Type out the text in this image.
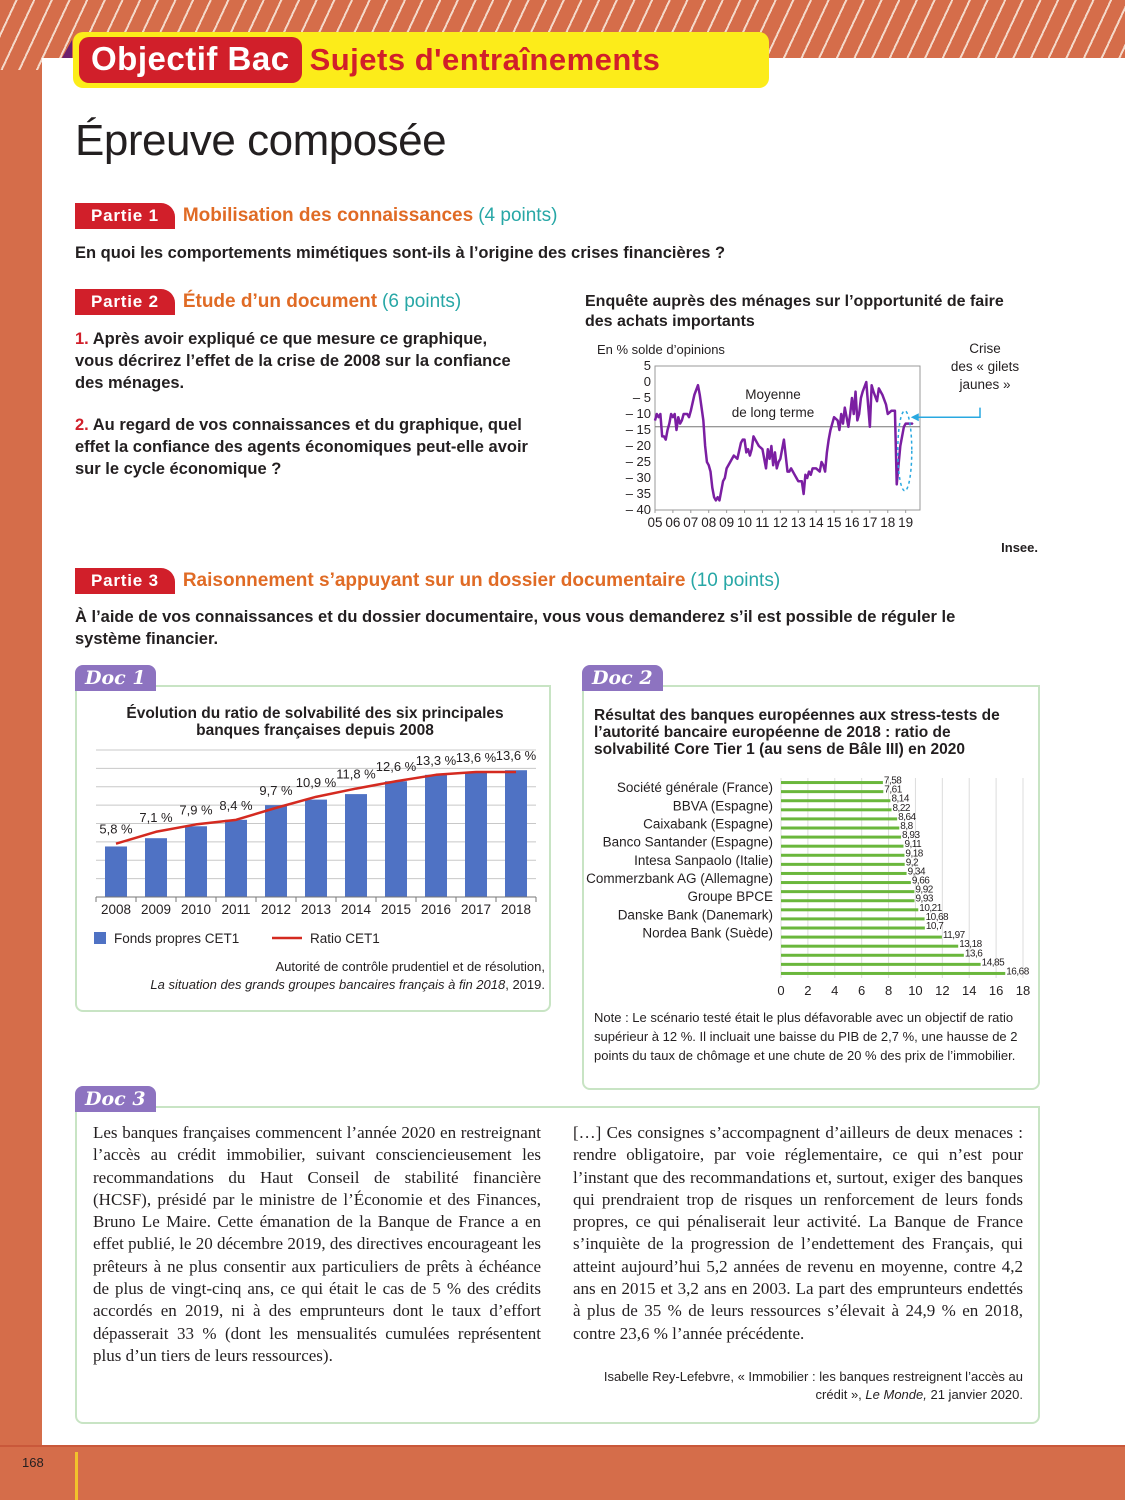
Objectif Bac Sujets d'entraînements
Épreuve composée
Partie 1	Mobilisation des connaissances (4 points)
En quoi les comportements mimétiques sont-ils à l’origine des crises financières ?
Partie 2	Étude d’un document (6 points)
1. Après avoir expliqué ce que mesure ce graphique, vous décrirez l’effet de la crise de 2008 sur la confiance des ménages.
2. Au regard de vos connaissances et du graphique, quel effet la confiance des agents économiques peut-elle avoir sur le cycle économique ?
Enquête auprès des ménages sur l’opportunité de faire des achats importants
En % solde d’opinions
5
0
– 5
– 10
– 15
– 20
– 25
– 30
– 35
– 40
05 06 07 08 09 10 11 12 13 14 15 16 17 18 19
Moyenne
de long terme
Crise
des « gilets
jaunes »
Insee.
Partie 3	Raisonnement s’appuyant sur un dossier documentaire (10 points)
À l’aide de vos connaissances et du dossier documentaire, vous vous demanderez s’il est possible de réguler le système financier.
Doc 1
Évolution du ratio de solvabilité des six principales banques françaises depuis 2008
2008
5,8 %
2009
7,1 %
2010
7,9 %
2011
8,4 %
2012
9,7 %
2013
10,9 %
2014
11,8 %
2015
12,6 %
2016
13,3 %
2017
13,6 %
2018
13,6 %
Fonds propres CET1	Ratio CET1
Autorité de contrôle prudentiel et de résolution,
La situation des grands groupes bancaires français à fin 2018, 2019.
Doc 2
Résultat des banques européennes aux stress-tests de l’autorité bancaire européenne de 2018 : ratio de solvabilité Core Tier 1 (au sens de Bâle III) en 2020
0 2 4 6 8 10 12 14 16 18
7,58
7,61
8,14
8,22
8,64
8,8
8,93
9,11
9,18
9,2
9,34
9,66
9,92
9,93
10,21
10,68
10,7
11,97
13,18
13,6
14,85
16,68
Société générale (France)
BBVA (Espagne)
Caixabank (Espagne)
Banco Santander (Espagne)
Intesa Sanpaolo (Italie)
Commerzbank AG (Allemagne)
Groupe BPCE
Danske Bank (Danemark)
Nordea Bank (Suède)
Note : Le scénario testé était le plus défavorable avec un objectif de ratio supérieur à 12 %. Il incluait une baisse du PIB de 2,7 %, une hausse de 2 points du taux de chômage et une chute de 20 % des prix de l’immobilier.
Doc 3
Les banques françaises commencent l’année 2020 en restreignant l’accès au crédit immobilier, suivant consciencieusement les recommandations du Haut Conseil de stabilité financière (HCSF), présidé par le ministre de l’Économie et des Finances, Bruno Le Maire. Cette émanation de la Banque de France a en effet publié, le 20 décembre 2019, des directives encourageant les prêteurs à ne plus consentir aux particuliers de prêts à échéance de plus de vingt-cinq ans, ce qui était le cas de 5 % des crédits accordés en 2019, ni à des emprunteurs dont le taux d’effort dépasserait 33 % (dont les mensualités cumulées représentent plus d’un tiers de leurs ressources).
[…] Ces consignes s’accompagnent d’ailleurs de deux menaces : rendre obligatoire, par voie réglementaire, ce qui n’est pour l’instant que des recommandations et, surtout, exiger des banques qui prendraient trop de risques un renforcement de leurs fonds propres, ce qui pénaliserait leur activité. La Banque de France s’inquiète de la progression de l’endettement des Français, qui atteint aujourd’hui 5,2 années de revenu en moyenne, contre 4,2 ans en 2015 et 3,2 ans en 2003. La part des emprunteurs endettés à plus de 35 % de leurs ressources s’élevait à 24,9 % en 2018, contre 23,6 % l’année précédente.
Isabelle Rey-Lefebvre, « Immobilier : les banques restreignent l’accès au crédit », Le Monde, 21 janvier 2020.
168
